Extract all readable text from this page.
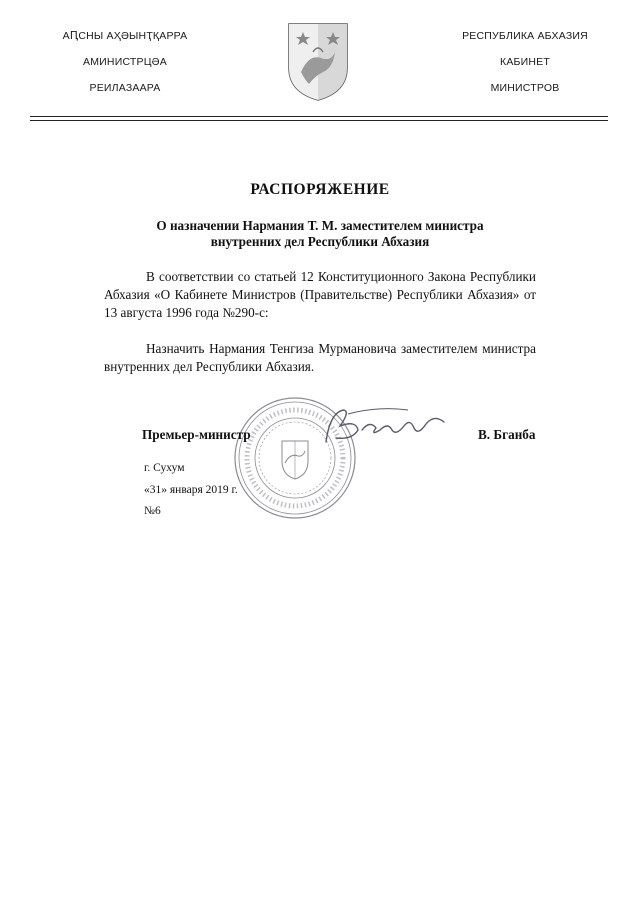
АԤСНЫ АҲӘЫНҬҚАРРА
АМИНИСТРЦӘА
РЕИЛАЗААРА
РЕСПУБЛИКА АБХАЗИЯ
КАБИНЕТ
МИНИСТРОВ
РАСПОРЯЖЕНИЕ
О назначении Нармания Т. М. заместителем министра
внутренних дел Республики Абхазия
В соответствии со статьей 12 Конституционного Закона Республики Абхазия «О Кабинете Министров (Правительстве) Республики Абхазия» от 13 августа 1996 года №290-с:
Назначить Нармания Тенгиза Мурмановича заместителем министра внутренних дел Республики Абхазия.
Премьер-министр	В. Бганба
г. Сухум
«31» января 2019 г.
№6
